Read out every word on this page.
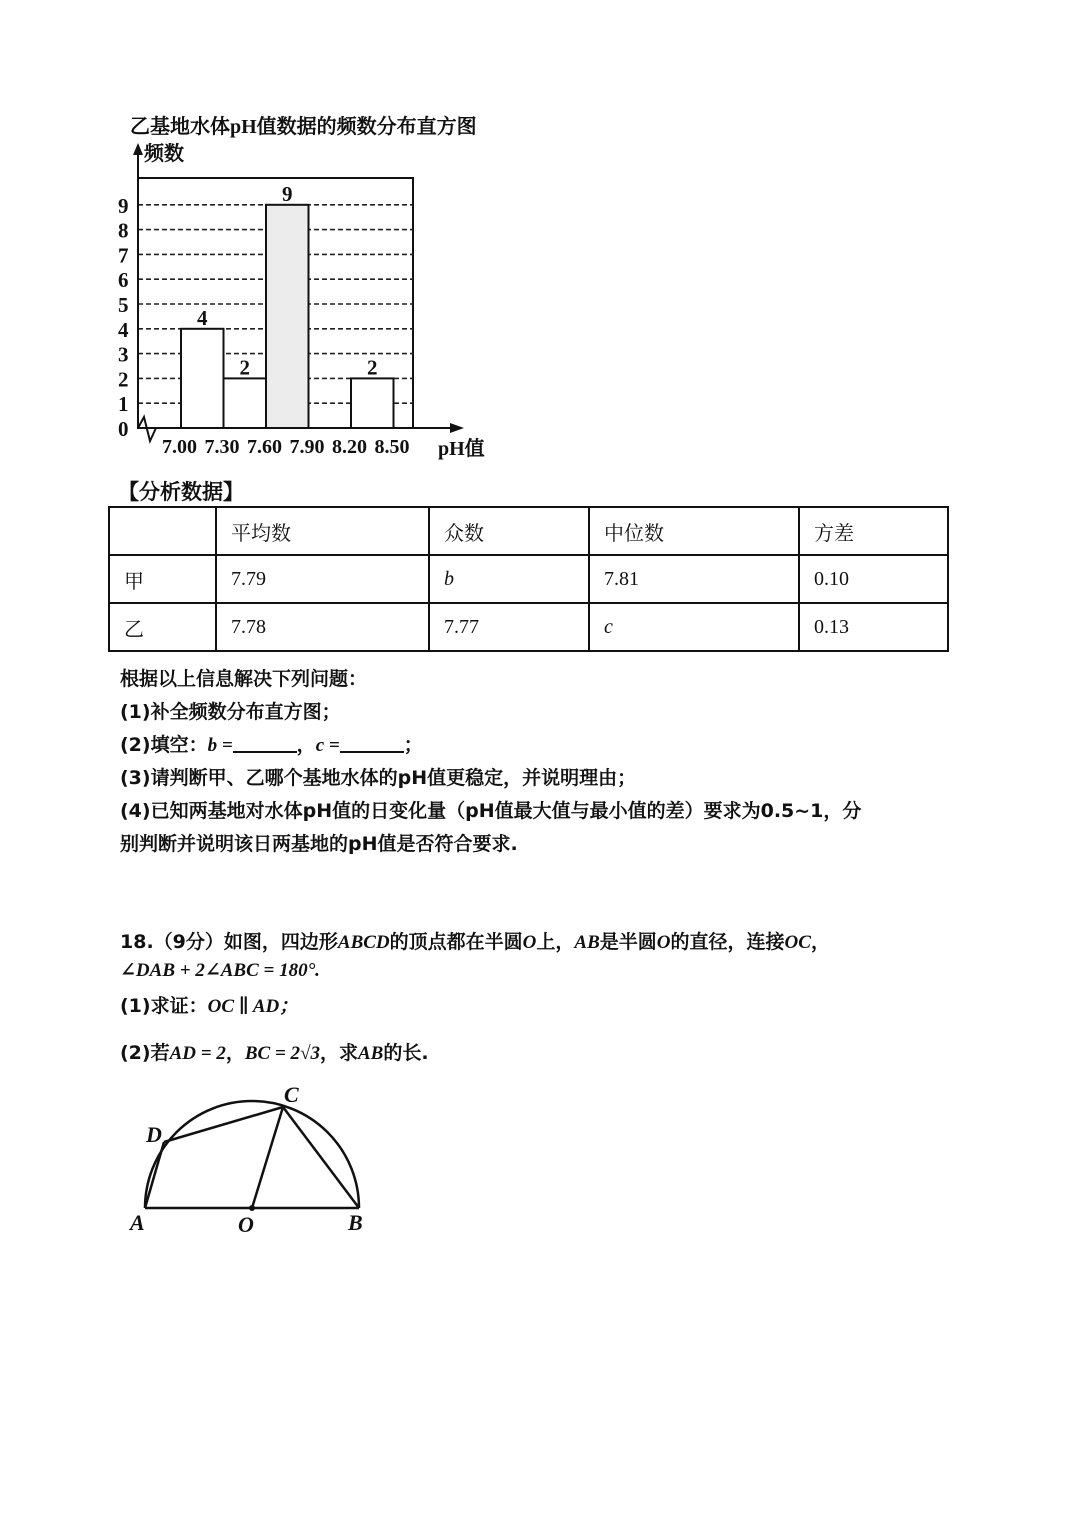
乙基地水体pH值数据的频数分布直方图
频数
pH值
4
2
9
2
0
1
2
3
4
5
6
7
8
9
7.00 7.30 7.60 7.90 8.20 8.50
【分析数据】
	平均数	众数	中位数	方差
甲	7.79	b	7.81	0.10
乙	7.78	7.77	c	0.13
根据以上信息解决下列问题：
(1)补全频数分布直方图；
(2)填空：b =	，c =	；
(3)请判断甲、乙哪个基地水体的pH值更稳定，并说明理由；
(4)已知两基地对水体pH值的日变化量（pH值最大值与最小值的差）要求为0.5~1，分
别判断并说明该日两基地的pH值是否符合要求.
18.（9分）如图，四边形ABCD的顶点都在半圆O上，AB是半圆O的直径，连接OC，
∠DAB + 2∠ABC = 180°.
(1)求证：OC ∥ AD；
(2)若AD = 2，BC = 2√3，求AB的长.
A	O	B
C
D
